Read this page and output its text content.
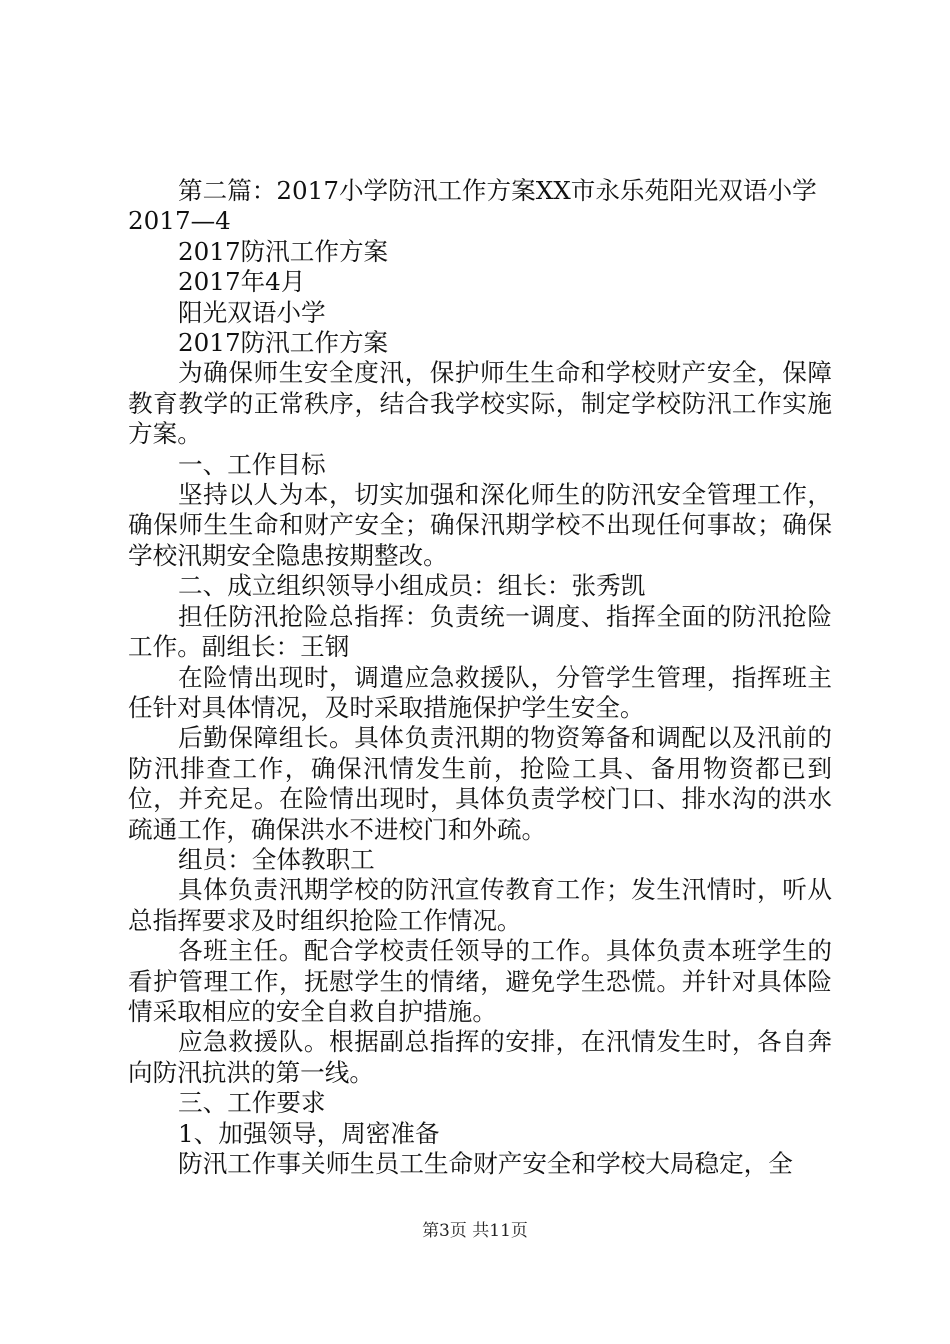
第二篇：2017小学防汛工作方案XX市永乐苑阳光双语小学2017—4

2017防汛工作方案

2017年4月

阳光双语小学

2017防汛工作方案

为确保师生安全度汛，保护师生生命和学校财产安全，保障教育教学的正常秩序，结合我学校实际，制定学校防汛工作实施方案。

一、工作目标

坚持以人为本，切实加强和深化师生的防汛安全管理工作，确保师生生命和财产安全；确保汛期学校不出现任何事故；确保学校汛期安全隐患按期整改。

二、成立组织领导小组成员：组长：张秀凯

担任防汛抢险总指挥：负责统一调度、指挥全面的防汛抢险工作。副组长：王钢

在险情出现时，调遣应急救援队，分管学生管理，指挥班主任针对具体情况，及时采取措施保护学生安全。

后勤保障组长。具体负责汛期的物资筹备和调配以及汛前的防汛排查工作，确保汛情发生前，抢险工具、备用物资都已到位，并充足。在险情出现时，具体负责学校门口、排水沟的洪水疏通工作，确保洪水不进校门和外疏。

组员：全体教职工

具体负责汛期学校的防汛宣传教育工作；发生汛情时，听从总指挥要求及时组织抢险工作情况。

各班主任。配合学校责任领导的工作。具体负责本班学生的看护管理工作，抚慰学生的情绪，避免学生恐慌。并针对具体险情采取相应的安全自救自护措施。

应急救援队。根据副总指挥的安排，在汛情发生时，各自奔向防汛抗洪的第一线。

三、工作要求

1、加强领导，周密准备

防汛工作事关师生员工生命财产安全和学校大局稳定，全

第3页 共11页
